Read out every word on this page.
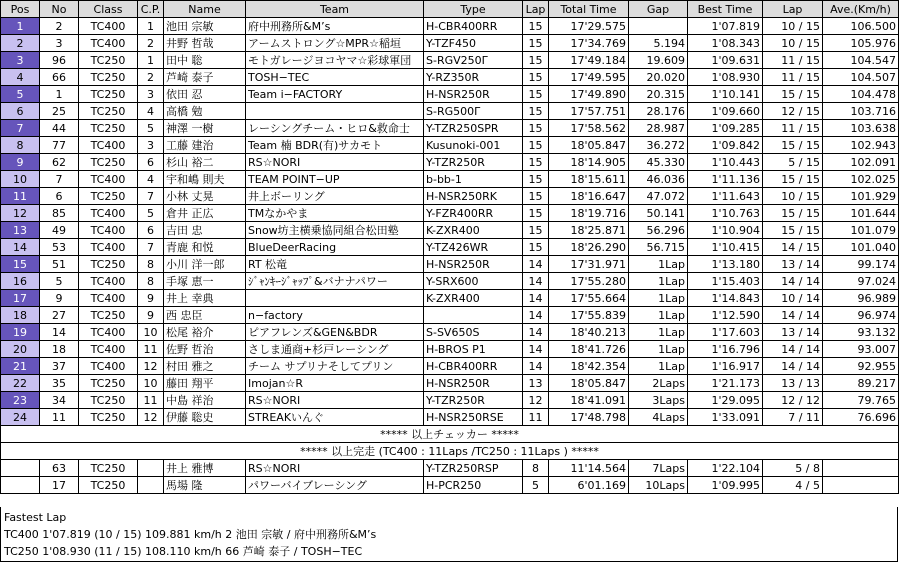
Pos	No	Class	C.P.	Name	Team	Type	Lap	Total Time	Gap	Best Time	Lap	Ave.(Km/h)
1	2	TC400	1	池田 宗敏	府中刑務所&M’s	H-CBR400RR	15	17'29.575		1'07.819	10 / 15	106.500
2	3	TC400	2	井野 哲哉	アームストロング☆MPR☆稲垣	Y-TZF450	15	17'34.769	5.194	1'08.343	10 / 15	105.976
3	96	TC250	1	田中 聡	モトガレージヨコヤマ☆彩球軍団	S-RGV250Γ	15	17'49.184	19.609	1'09.631	11 / 15	104.547
4	66	TC250	2	芦崎 泰子	TOSH−TEC	Y-RZ350R	15	17'49.595	20.020	1'08.930	11 / 15	104.507
5	1	TC250	3	依田 忍	Team i−FACTORY	H-NSR250R	15	17'49.890	20.315	1'10.141	15 / 15	104.478
6	25	TC250	4	高橋 勉		S-RG500Γ	15	17'57.751	28.176	1'09.660	12 / 15	103.716
7	44	TC250	5	神澤 一樹	レーシングチーム・ヒロ&救命士	Y-TZR250SPR	15	17'58.562	28.987	1'09.285	11 / 15	103.638
8	77	TC400	3	工藤 建治	Team 楠 BDR(有)サカモト	Kusunoki-001	15	18'05.847	36.272	1'09.842	15 / 15	102.943
9	62	TC250	6	杉山 裕二	RS☆NORI	Y-TZR250R	15	18'14.905	45.330	1'10.443	5 / 15	102.091
10	7	TC400	4	宇和嶋 則夫	TEAM POINT−UP	b-bb-1	15	18'15.611	46.036	1'11.136	15 / 15	102.025
11	6	TC250	7	小林 丈晃	井上ボーリング	H-NSR250RK	15	18'16.647	47.072	1'11.643	10 / 15	101.929
12	85	TC400	5	倉井 正広	TMなかやま	Y-FZR400RR	15	18'19.716	50.141	1'10.763	15 / 15	101.644
13	49	TC400	6	吉田 忠	Snow坊主横乗協同組合松田塾	K-ZXR400	15	18'25.871	56.296	1'10.904	15 / 15	101.079
14	53	TC400	7	青鹿 和悦	BlueDeerRacing	Y-TZ426WR	15	18'26.290	56.715	1'10.415	14 / 15	101.040
15	51	TC250	8	小川 洋一郎	RT 松竜	H-NSR250R	14	17'31.971	1Lap	1'13.180	13 / 14	99.174
16	5	TC400	8	手塚 恵一	ｼﾞｬﾝｷｰｼﾞｬｯﾌﾟ&バナナパワー	Y-SRX600	14	17'55.280	1Lap	1'15.403	14 / 14	97.024
17	9	TC400	9	井上 幸典		K-ZXR400	14	17'55.664	1Lap	1'14.843	10 / 14	96.989
18	27	TC250	9	西 忠臣	n−factory		14	17'55.839	1Lap	1'12.590	14 / 14	96.974
19	14	TC400	10	松尾 裕介	ピアフレンズ&GEN&BDR	S-SV650S	14	18'40.213	1Lap	1'17.603	13 / 14	93.132
20	18	TC400	11	佐野 哲治	さしま通商+杉戸レーシング	H-BROS P1	14	18'41.726	1Lap	1'16.796	14 / 14	93.007
21	37	TC400	12	村田 雅之	チーム サプリナそしてプリン	H-CBR400RR	14	18'42.354	1Lap	1'16.917	14 / 14	92.955
22	35	TC250	10	藤田 翔平	Imojan☆R	H-NSR250R	13	18'05.847	2Laps	1'21.173	13 / 13	89.217
23	34	TC250	11	中島 祥治	RS☆NORI	Y-TZR250R	12	18'41.091	3Laps	1'29.095	12 / 12	79.765
24	11	TC250	12	伊藤 聡史	STREAKいんぐ	H-NSR250RSE	11	17'48.798	4Laps	1'33.091	7 / 11	76.696
***** 以上チェッカー *****												
***** 以上完走 (TC400 : 11Laps /TC250 : 11Laps ) *****												
	63	TC250		井上 雅博	RS☆NORI	Y-TZR250RSP	8	11'14.564	7Laps	1'22.104	5 / 8	
	17	TC250		馬場 隆	パワーバイブレーシング	H-PCR250	5	6'01.169	10Laps	1'09.995	4 / 5	
Fastest Lap
TC400 1'07.819 (10 / 15) 109.881 km/h 2 池田 宗敏 / 府中刑務所&M’s
TC250 1'08.930 (11 / 15) 108.110 km/h 66 芦崎 泰子 / TOSH−TEC
